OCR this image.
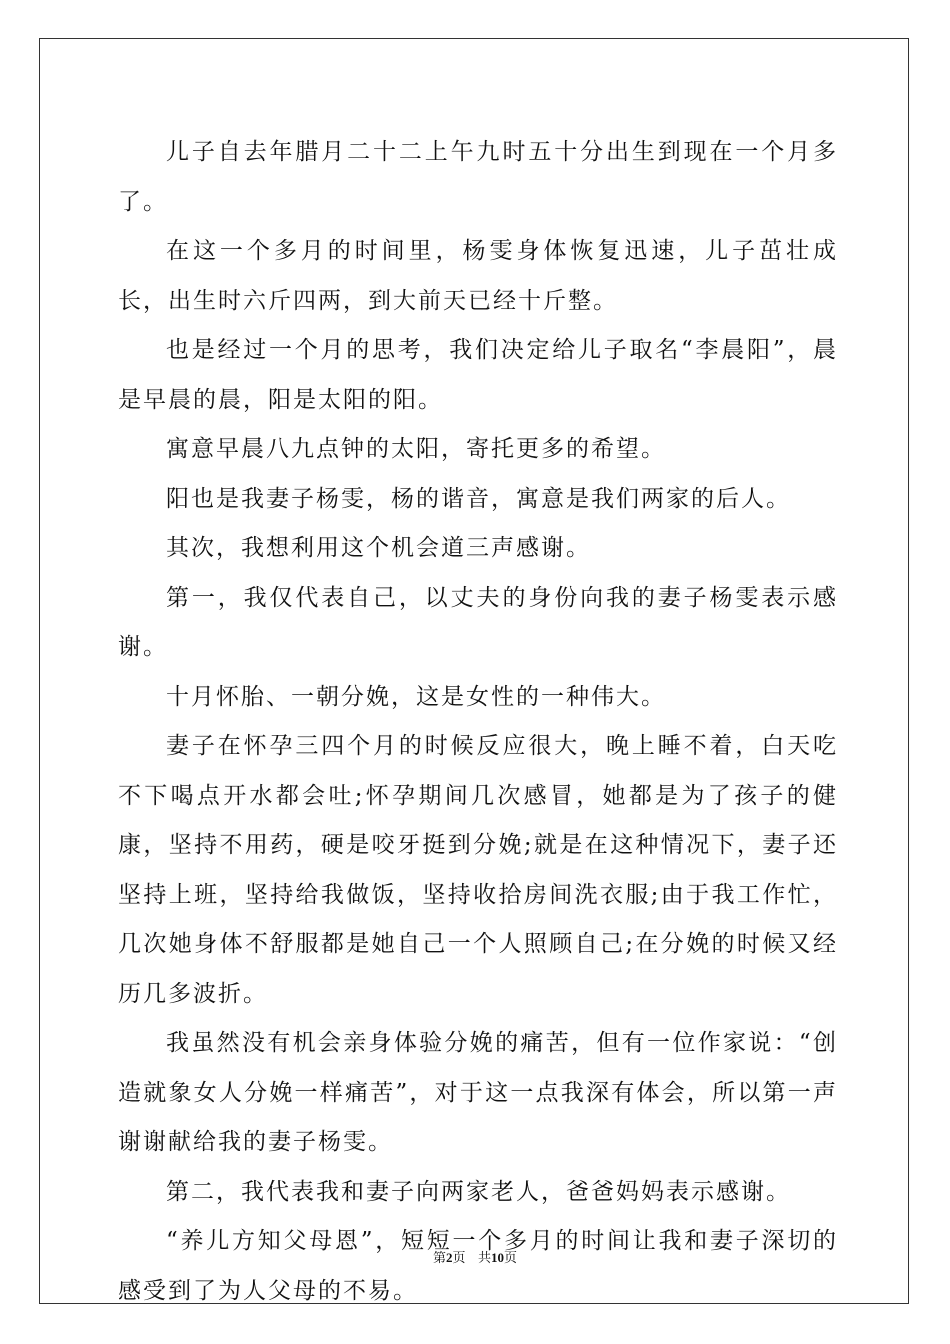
儿子自去年腊月二十二上午九时五十分出生到现在一个月多了。

在这一个多月的时间里，杨雯身体恢复迅速，儿子茁壮成长，出生时六斤四两，到大前天已经十斤整。

也是经过一个月的思考，我们决定给儿子取名“李晨阳”，晨是早晨的晨，阳是太阳的阳。

寓意早晨八九点钟的太阳，寄托更多的希望。

阳也是我妻子杨雯，杨的谐音，寓意是我们两家的后人。

其次，我想利用这个机会道三声感谢。

第一，我仅代表自己，以丈夫的身份向我的妻子杨雯表示感谢。

十月怀胎、一朝分娩，这是女性的一种伟大。

妻子在怀孕三四个月的时候反应很大，晚上睡不着，白天吃不下喝点开水都会吐;怀孕期间几次感冒，她都是为了孩子的健康，坚持不用药，硬是咬牙挺到分娩;就是在这种情况下，妻子还坚持上班，坚持给我做饭，坚持收拾房间洗衣服;由于我工作忙，几次她身体不舒服都是她自己一个人照顾自己;在分娩的时候又经历几多波折。

我虽然没有机会亲身体验分娩的痛苦，但有一位作家说：“创造就象女人分娩一样痛苦”，对于这一点我深有体会，所以第一声谢谢献给我的妻子杨雯。

第二，我代表我和妻子向两家老人，爸爸妈妈表示感谢。

“养儿方知父母恩”，短短一个多月的时间让我和妻子深切的感受到了为人父母的不易。

第2页 共10页
